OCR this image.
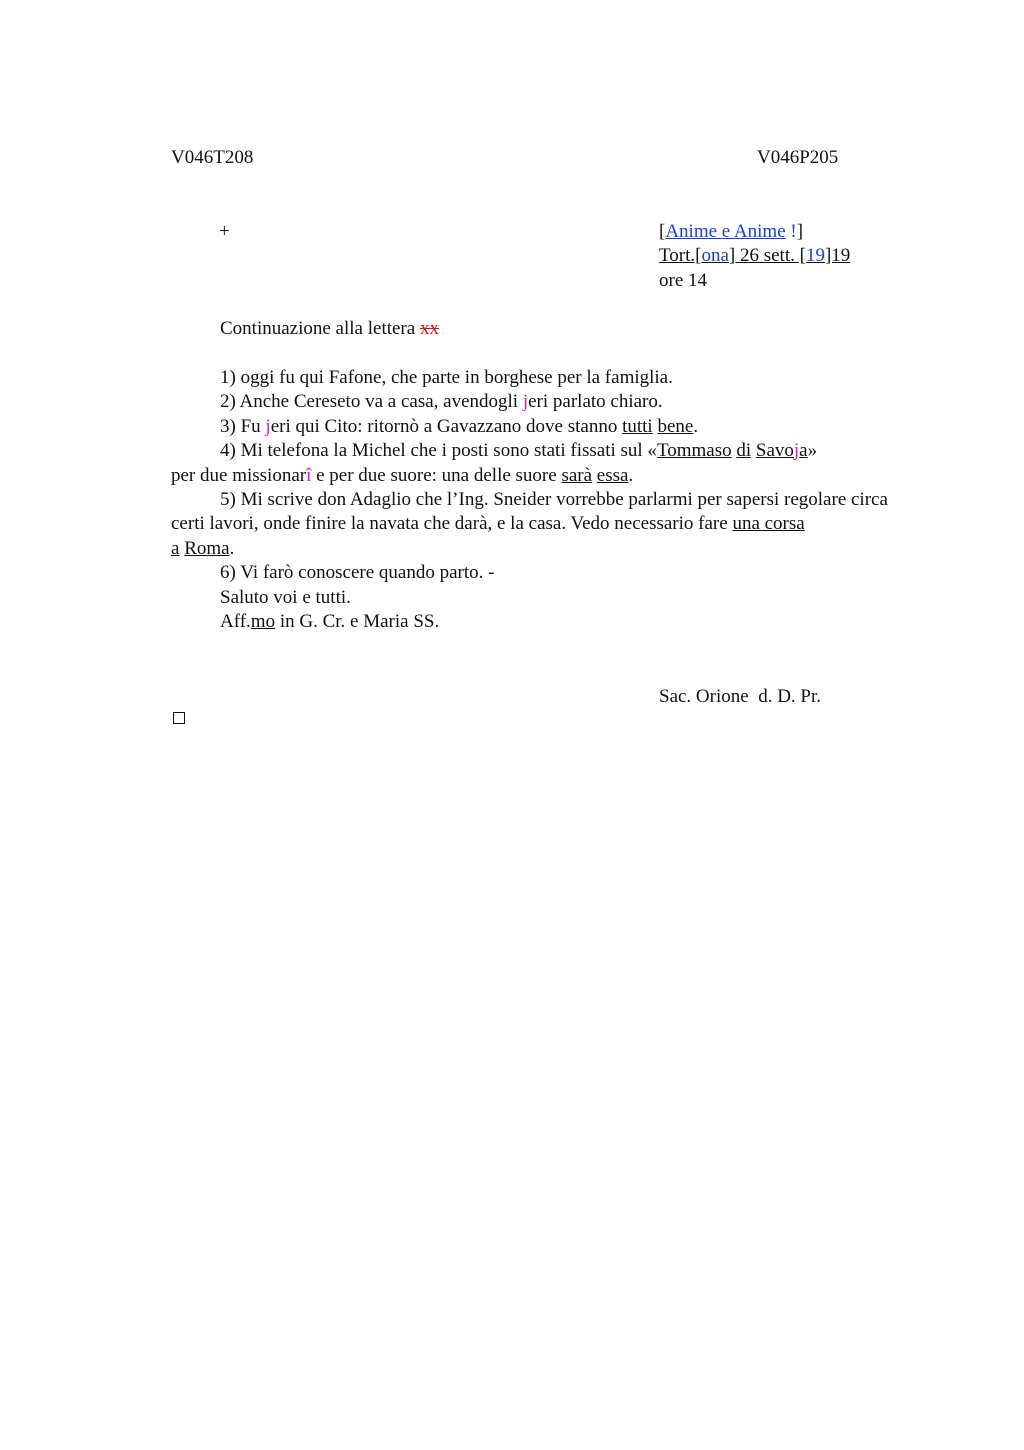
V046T208	V046P205
+	[Anime e Anime !]
Tort.[ona] 26 sett. [19]19
ore 14
Continuazione alla lettera xx
1) oggi fu qui Fafone, che parte in borghese per la famiglia.
2) Anche Cereseto va a casa, avendogli jeri parlato chiaro.
3) Fu jeri qui Cito: ritornò a Gavazzano dove stanno tutti bene.
4) Mi telefona la Michel che i posti sono stati fissati sul «Tommaso di Savoja»
per due missionarî e per due suore: una delle suore sarà essa.
5) Mi scrive don Adaglio che l’Ing. Sneider vorrebbe parlarmi per sapersi regolare circa certi lavori, onde finire la navata che darà, e la casa. Vedo necessario fare una corsa
a Roma.
6) Vi farò conoscere quando parto. -
Saluto voi e tutti.
Aff.mo in G. Cr. e Maria SS.
Sac. Orione  d. D. Pr.
